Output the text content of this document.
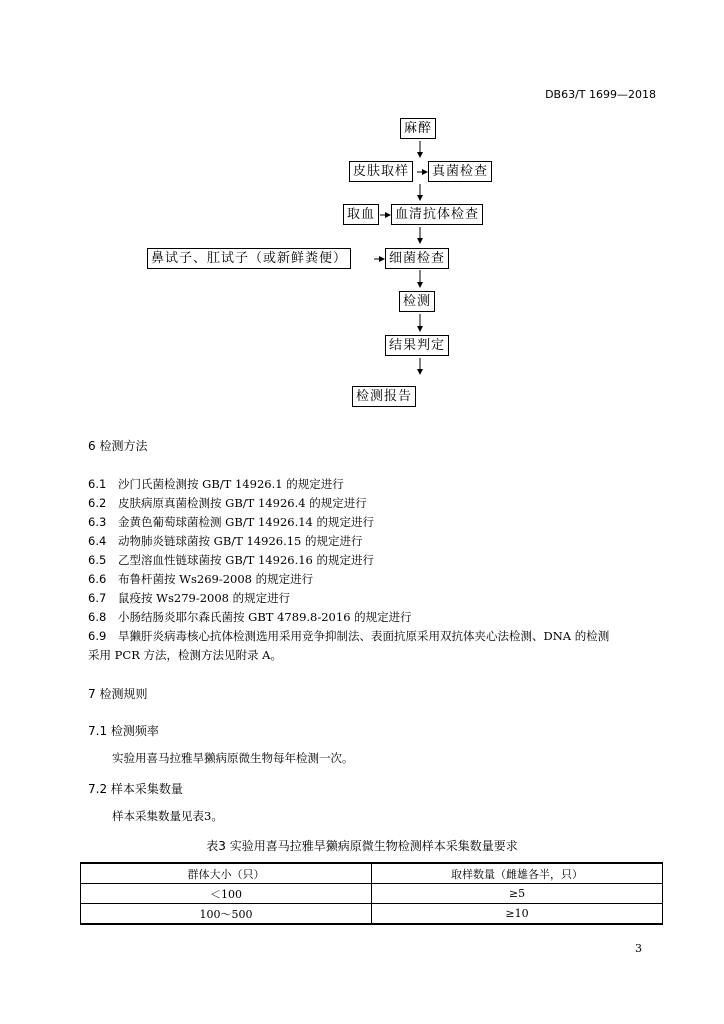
DB63/T 1699—2018
麻醉
皮肤取样	真菌检查
取血	血清抗体检查
鼻试子、肛试子（或新鲜粪便）	细菌检查
检测
结果判定
检测报告
6 检测方法
6.1 沙门氏菌检测按 GB/T 14926.1 的规定进行
6.2 皮肤病原真菌检测按 GB/T 14926.4 的规定进行
6.3 金黄色葡萄球菌检测 GB/T 14926.14 的规定进行
6.4 动物肺炎链球菌按 GB/T 14926.15 的规定进行
6.5 乙型溶血性链球菌按 GB/T 14926.16 的规定进行
6.6 布鲁杆菌按 Ws269-2008 的规定进行
6.7 鼠疫按 Ws279-2008 的规定进行
6.8 小肠结肠炎耶尔森氏菌按 GBT 4789.8-2016 的规定进行
6.9 旱獭肝炎病毒核心抗体检测选用采用竞争抑制法、表面抗原采用双抗体夹心法检测、DNA 的检测
采用 PCR 方法，检测方法见附录 A。
7 检测规则
7.1 检测频率
实验用喜马拉雅旱獭病原微生物每年检测一次。
7.2 样本采集数量
样本采集数量见表3。
表3 实验用喜马拉雅旱獭病原微生物检测样本采集数量要求
群体大小（只）	取样数量（雌雄各半，只）
＜100	≥5
100～500	≥10
3
